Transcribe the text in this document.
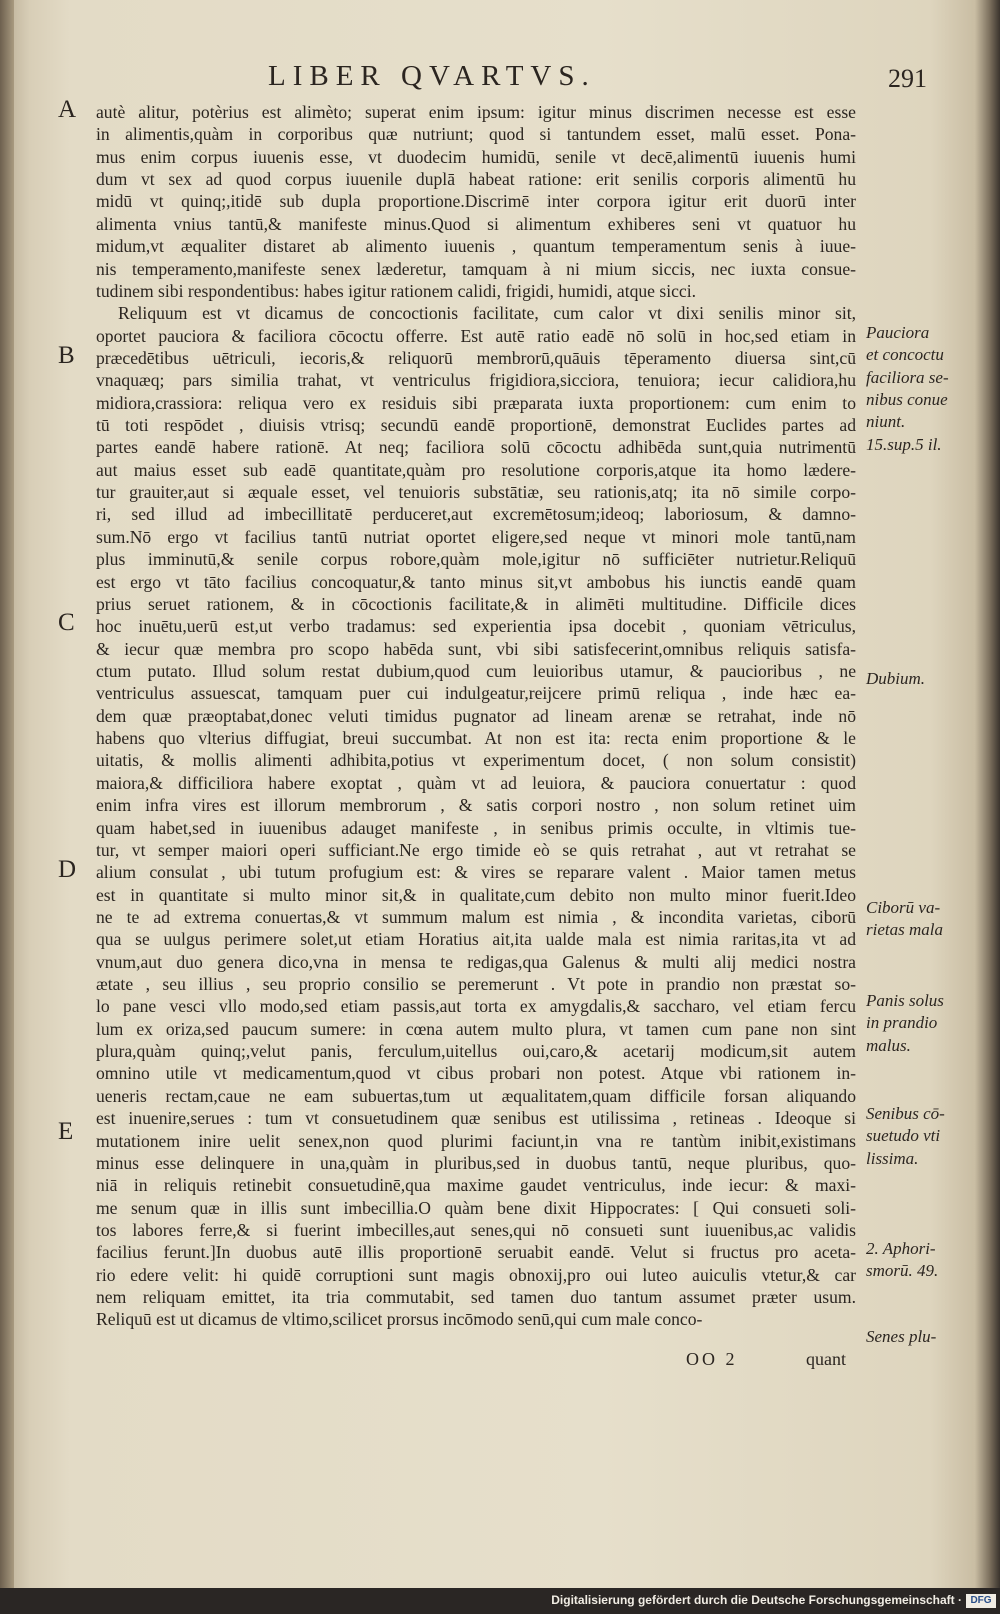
LIBER QVARTVS.	291
A
B
C
D
E
autè alitur, potèrius est alimèto; superat enim ipsum: igitur minus discrimen necesse est esse
in alimentis,quàm in corporibus quæ nutriunt; quod si tantundem esset, malū esset. Pona-
mus enim corpus iuuenis esse, vt duodecim humidū, senile vt decē,alimentū iuuenis humi
dum vt sex ad quod corpus iuuenile duplā habeat ratione: erit senilis corporis alimentū hu
midū vt quinq;,itidē sub dupla proportione.Discrimē inter corpora igitur erit duorū inter
alimenta vnius tantū,& manifeste minus.Quod si alimentum exhiberes seni vt quatuor hu
midum,vt æqualiter distaret ab alimento iuuenis , quantum temperamentum senis à iuue-
nis temperamento,manifeste senex læderetur, tamquam à ni mium siccis, nec iuxta consue-
tudinem sibi respondentibus: habes igitur rationem calidi, frigidi, humidi, atque sicci.
Reliquum est vt dicamus de concoctionis facilitate, cum calor vt dixi senilis minor sit,
oportet pauciora & faciliora cōcoctu offerre. Est autē ratio eadē nō solū in hoc,sed etiam in
præcedētibus uētriculi, iecoris,& reliquorū membrorū,quāuis tēperamento diuersa sint,cū
vnaquæq; pars similia trahat, vt ventriculus frigidiora,sicciora, tenuiora; iecur calidiora,hu
midiora,crassiora: reliqua vero ex residuis sibi præparata iuxta proportionem: cum enim to
tū toti respōdet , diuisis vtrisq; secundū eandē proportionē, demonstrat Euclides partes ad
partes eandē habere rationē. At neq; faciliora solū cōcoctu adhibēda sunt,quia nutrimentū
aut maius esset sub eadē quantitate,quàm pro resolutione corporis,atque ita homo lædere-
tur grauiter,aut si æquale esset, vel tenuioris substātiæ, seu rationis,atq; ita nō simile corpo-
ri, sed illud ad imbecillitatē perduceret,aut excremētosum;ideoq; laboriosum, & damno-
sum.Nō ergo vt facilius tantū nutriat oportet eligere,sed neque vt minori mole tantū,nam
plus imminutū,& senile corpus robore,quàm mole,igitur nō sufficiēter nutrietur.Reliquū
est ergo vt tāto facilius concoquatur,& tanto minus sit,vt ambobus his iunctis eandē quam
prius seruet rationem, & in cōcoctionis facilitate,& in alimēti multitudine. Difficile dices
hoc inuētu,uerū est,ut verbo tradamus: sed experientia ipsa docebit , quoniam vētriculus,
& iecur quæ membra pro scopo habēda sunt, vbi sibi satisfecerint,omnibus reliquis satisfa-
ctum putato. Illud solum restat dubium,quod cum leuioribus utamur, & paucioribus , ne
ventriculus assuescat, tamquam puer cui indulgeatur,reijcere primū reliqua , inde hæc ea-
dem quæ præoptabat,donec veluti timidus pugnator ad lineam arenæ se retrahat, inde nō
habens quo vlterius diffugiat, breui succumbat. At non est ita: recta enim proportione & le
uitatis, & mollis alimenti adhibita,potius vt experimentum docet, ( non solum consistit)
maiora,& difficiliora habere exoptat , quàm vt ad leuiora, & pauciora conuertatur : quod
enim infra vires est illorum membrorum , & satis corpori nostro , non solum retinet uim
quam habet,sed in iuuenibus adauget manifeste , in senibus primis occulte, in vltimis tue-
tur, vt semper maiori operi sufficiant.Ne ergo timide eò se quis retrahat , aut vt retrahat se
alium consulat , ubi tutum profugium est: & vires se reparare valent . Maior tamen metus
est in quantitate si multo minor sit,& in qualitate,cum debito non multo minor fuerit.Ideo
ne te ad extrema conuertas,& vt summum malum est nimia , & incondita varietas, ciborū
qua se uulgus perimere solet,ut etiam Horatius ait,ita ualde mala est nimia raritas,ita vt ad
vnum,aut duo genera dico,vna in mensa te redigas,qua Galenus & multi alij medici nostra
ætate , seu illius , seu proprio consilio se peremerunt . Vt pote in prandio non præstat so-
lo pane vesci vllo modo,sed etiam passis,aut torta ex amygdalis,& saccharo, vel etiam fercu
lum ex oriza,sed paucum sumere: in cœna autem multo plura, vt tamen cum pane non sint
plura,quàm quinq;,velut panis, ferculum,uitellus oui,caro,& acetarij modicum,sit autem
omnino utile vt medicamentum,quod vt cibus probari non potest. Atque vbi rationem in-
ueneris rectam,caue ne eam subuertas,tum ut æqualitatem,quam difficile forsan aliquando
est inuenire,serues : tum vt consuetudinem quæ senibus est utilissima , retineas . Ideoque si
mutationem inire uelit senex,non quod plurimi faciunt,in vna re tantùm inibit,existimans
minus esse delinquere in una,quàm in pluribus,sed in duobus tantū, neque pluribus, quo-
niā in reliquis retinebit consuetudinē,qua maxime gaudet ventriculus, inde iecur: & maxi-
me senum quæ in illis sunt imbecillia.O quàm bene dixit Hippocrates: [ Qui consueti soli-
tos labores ferre,& si fuerint imbecilles,aut senes,qui nō consueti sunt iuuenibus,ac validis
facilius ferunt.]In duobus autē illis proportionē seruabit eandē. Velut si fructus pro aceta-
rio edere velit: hi quidē corruptioni sunt magis obnoxij,pro oui luteo auiculis vtetur,& car
nem reliquam emittet, ita tria commutabit, sed tamen duo tantum assumet præter usum.
Reliquū est ut dicamus de vltimo,scilicet prorsus incōmodo senū,qui cum male conco-
Pauciora
et concoctu
faciliora se-
nibus conue
niunt.
15.sup.5 il.
Dubium.
Ciborū va-
rietas mala
Panis solus
in prandio
malus.
Senibus cō-
suetudo vti
lissima.
2. Aphori-
smorū. 49.
Senes plu-
OO 2	quant
Digitalisierung gefördert durch die Deutsche Forschungsgemeinschaft · DFG
